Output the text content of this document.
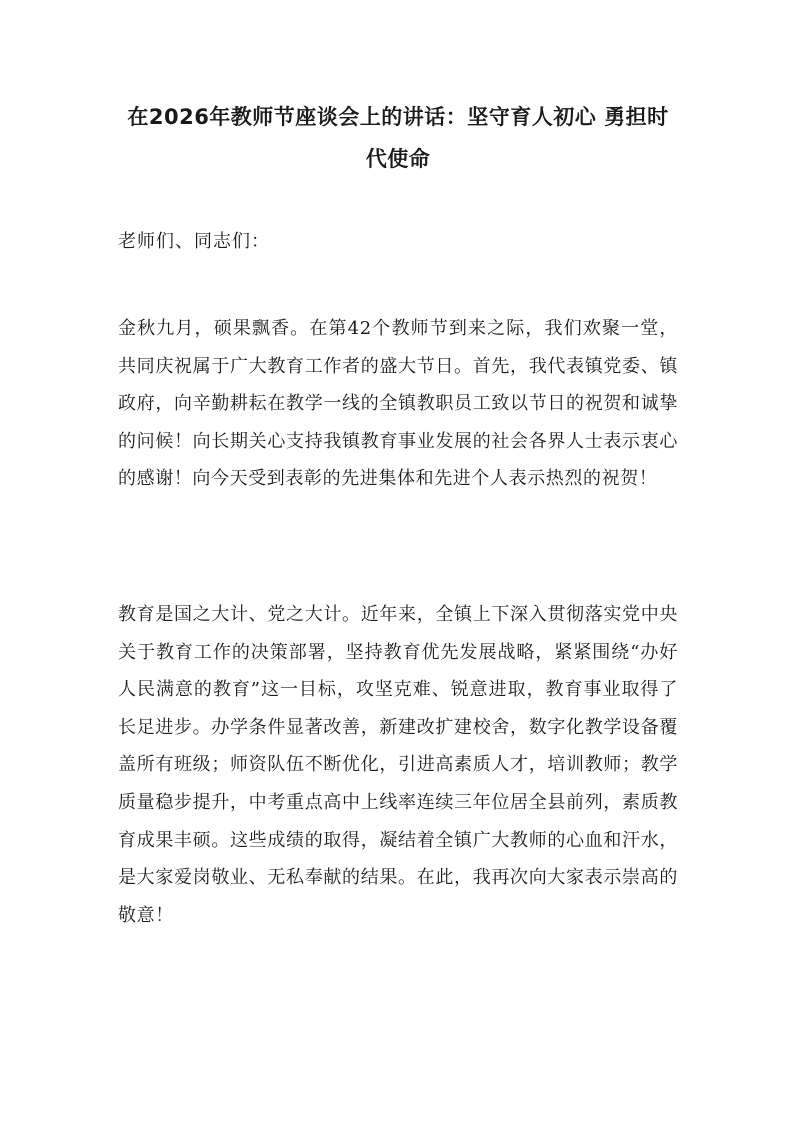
在2026年教师节座谈会上的讲话：坚守育人初心 勇担时代使命

老师们、同志们：

金秋九月，硕果飘香。在第42个教师节到来之际，我们欢聚一堂，共同庆祝属于广大教育工作者的盛大节日。首先，我代表镇党委、镇政府，向辛勤耕耘在教学一线的全镇教职员工致以节日的祝贺和诚挚的问候！向长期关心支持我镇教育事业发展的社会各界人士表示衷心的感谢！向今天受到表彰的先进集体和先进个人表示热烈的祝贺！

教育是国之大计、党之大计。近年来，全镇上下深入贯彻落实党中央关于教育工作的决策部署，坚持教育优先发展战略，紧紧围绕“办好人民满意的教育”这一目标，攻坚克难、锐意进取，教育事业取得了长足进步。办学条件显著改善，新建改扩建校舍，数字化教学设备覆盖所有班级；师资队伍不断优化，引进高素质人才，培训教师；教学质量稳步提升，中考重点高中上线率连续三年位居全县前列，素质教育成果丰硕。这些成绩的取得，凝结着全镇广大教师的心血和汗水，是大家爱岗敬业、无私奉献的结果。在此，我再次向大家表示崇高的敬意！
